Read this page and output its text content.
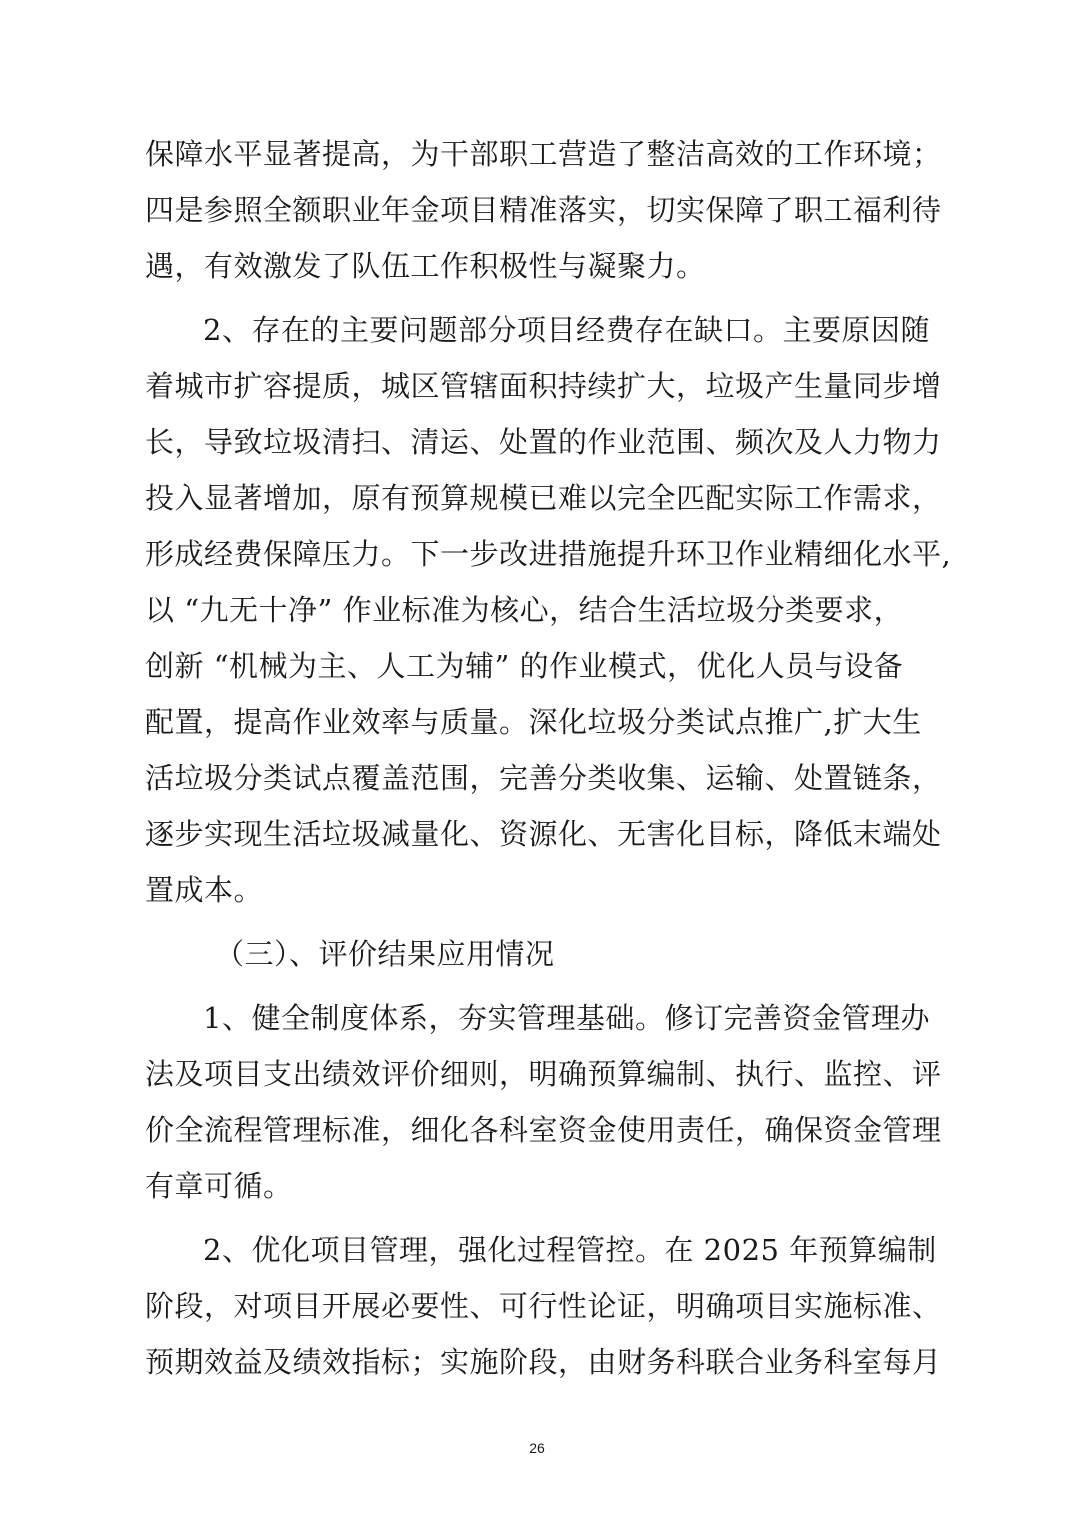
保障水平显著提高，为干部职工营造了整洁高效的工作环境；
四是参照全额职业年金项目精准落实，切实保障了职工福利待
遇，有效激发了队伍工作积极性与凝聚力。
2、存在的主要问题部分项目经费存在缺口。主要原因随
着城市扩容提质，城区管辖面积持续扩大，垃圾产生量同步增
长，导致垃圾清扫、清运、处置的作业范围、频次及人力物力
投入显著增加，原有预算规模已难以完全匹配实际工作需求，
形成经费保障压力。下一步改进措施提升环卫作业精细化水平,
以 “九无十净” 作业标准为核心，结合生活垃圾分类要求，
创新 “机械为主、人工为辅” 的作业模式，优化人员与设备
配置，提高作业效率与质量。深化垃圾分类试点推广,扩大生
活垃圾分类试点覆盖范围，完善分类收集、运输、处置链条，
逐步实现生活垃圾减量化、资源化、无害化目标，降低末端处
置成本。
（三）、评价结果应用情况
1、健全制度体系，夯实管理基础。修订完善资金管理办
法及项目支出绩效评价细则，明确预算编制、执行、监控、评
价全流程管理标准，细化各科室资金使用责任，确保资金管理
有章可循。
2、优化项目管理，强化过程管控。在 2025 年预算编制
阶段，对项目开展必要性、可行性论证，明确项目实施标准、
预期效益及绩效指标；实施阶段，由财务科联合业务科室每月
26
